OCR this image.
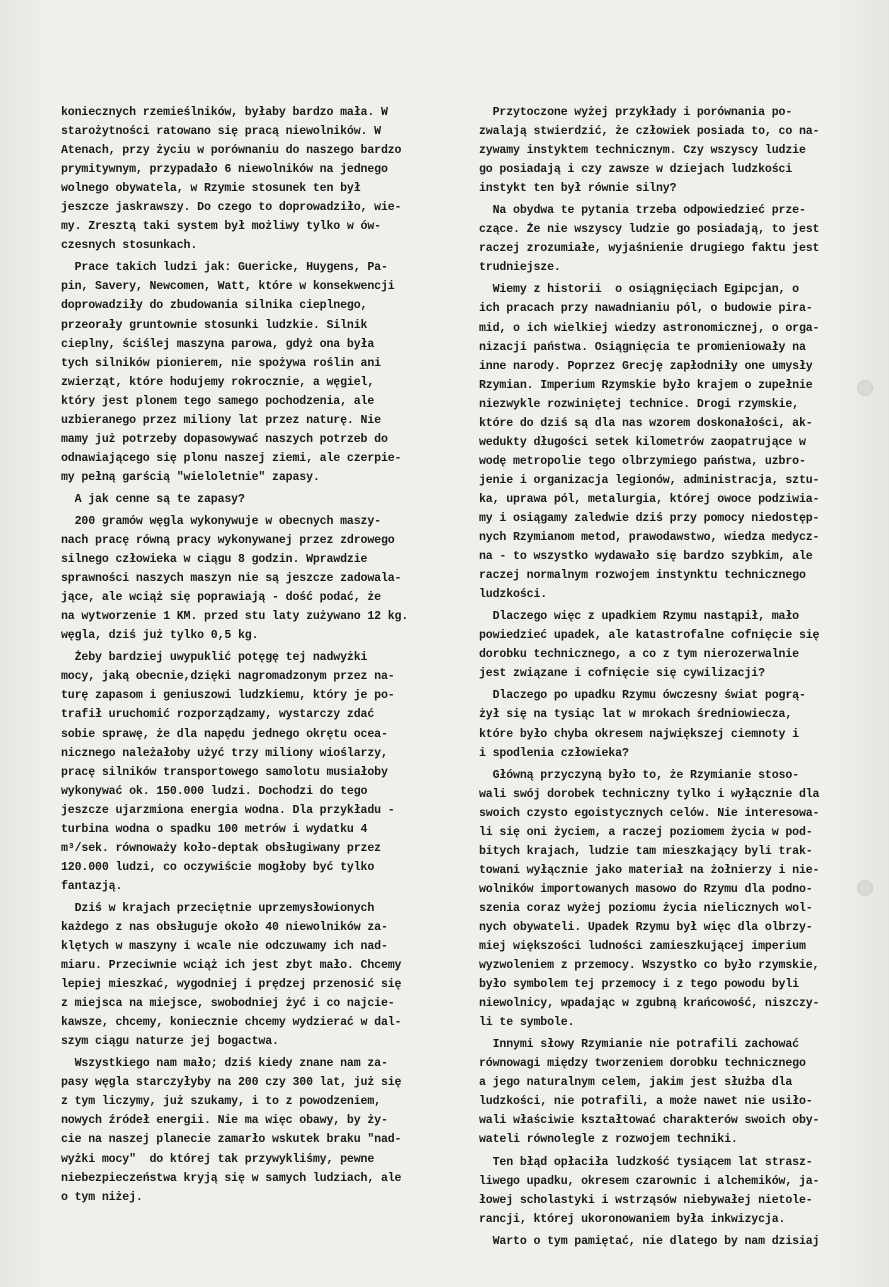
koniecznych rzemieślników, byłaby bardzo mała. W
starożytności ratowano się pracą niewolników. W
Atenach, przy życiu w porównaniu do naszego bardzo
prymitywnym, przypadało 6 niewolników na jednego
wolnego obywatela, w Rzymie stosunek ten był
jeszcze jaskrawszy. Do czego to doprowadziło, wie-
my. Zresztą taki system był możliwy tylko w ów-
czesnych stosunkach.

Prace takich ludzi jak: Guericke, Huygens, Pa-
pin, Savery, Newcomen, Watt, które w konsekwencji
doprowadziły do zbudowania silnika cieplnego,
przeorały gruntownie stosunki ludzkie. Silnik
cieplny, ściślej maszyna parowa, gdyż ona była
tych silników pionierem, nie spożywa roślin ani
zwierząt, które hodujemy rokrocznie, a węgiel,
który jest plonem tego samego pochodzenia, ale
uzbieranego przez miliony lat przez naturę. Nie
mamy już potrzeby dopasowywać naszych potrzeb do
odnawiającego się plonu naszej ziemi, ale czerpie-
my pełną garścią "wieloletnie" zapasy.

A jak cenne są te zapasy?

200 gramów węgla wykonywuje w obecnych maszy-
nach pracę równą pracy wykonywanej przez zdrowego
silnego człowieka w ciągu 8 godzin. Wprawdzie
sprawności naszych maszyn nie są jeszcze zadowala-
jące, ale wciąż się poprawiają - dość podać, że
na wytworzenie 1 KM. przed stu laty zużywano 12 kg.
węgla, dziś już tylko 0,5 kg.

Żeby bardziej uwypuklić potęgę tej nadwyżki
mocy, jaką obecnie,dzięki nagromadzonym przez na-
turę zapasom i geniuszowi ludzkiemu, który je po-
trafił uruchomić rozporządzamy, wystarczy zdać
sobie sprawę, że dla napędu jednego okrętu ocea-
nicznego należałoby użyć trzy miliony wioślarzy,
pracę silników transportowego samolotu musiałoby
wykonywać ok. 150.000 ludzi. Dochodzi do tego
jeszcze ujarzmiona energia wodna. Dla przykładu -
turbina wodna o spadku 100 metrów i wydatku 4
m³/sek. równoważy koło-deptak obsługiwany przez
120.000 ludzi, co oczywiście mogłoby być tylko
fantazją.

Dziś w krajach przeciętnie uprzemysłowionych
każdego z nas obsługuje około 40 niewolników za-
klętych w maszyny i wcale nie odczuwamy ich nad-
miaru. Przeciwnie wciąż ich jest zbyt mało. Chcemy
lepiej mieszkać, wygodniej i prędzej przenosić się
z miejsca na miejsce, swobodniej żyć i co najcie-
kawsze, chcemy, koniecznie chcemy wydzierać w dal-
szym ciągu naturze jej bogactwa.

Wszystkiego nam mało; dziś kiedy znane nam za-
pasy węgla starczyłyby na 200 czy 300 lat, już się
z tym liczymy, już szukamy, i to z powodzeniem,
nowych źródeł energii. Nie ma więc obawy, by ży-
cie na naszej planecie zamarło wskutek braku "nad-
wyżki mocy"  do której tak przywykliśmy, pewne
niebezpieczeństwa kryją się w samych ludziach, ale
o tym niżej.

Przytoczone wyżej przykłady i porównania po-
zwalają stwierdzić, że człowiek posiada to, co na-
zywamy instyktem technicznym. Czy wszyscy ludzie
go posiadają i czy zawsze w dziejach ludzkości
instykt ten był równie silny?

Na obydwa te pytania trzeba odpowiedzieć prze-
czące. Że nie wszyscy ludzie go posiadają, to jest
raczej zrozumiałe, wyjaśnienie drugiego faktu jest
trudniejsze.

Wiemy z historii  o osiągnięciach Egipcjan, o
ich pracach przy nawadnianiu pól, o budowie pira-
mid, o ich wielkiej wiedzy astronomicznej, o orga-
nizacji państwa. Osiągnięcia te promieniowały na
inne narody. Poprzez Grecję zapłodniły one umysły
Rzymian. Imperium Rzymskie było krajem o zupełnie
niezwykle rozwiniętej technice. Drogi rzymskie,
które do dziś są dla nas wzorem doskonałości, ak-
wedukty długości setek kilometrów zaopatrujące w
wodę metropolie tego olbrzymiego państwa, uzbro-
jenie i organizacja legionów, administracja, sztu-
ka, uprawa pól, metalurgia, której owoce podziwia-
my i osiągamy zaledwie dziś przy pomocy niedostęp-
nych Rzymianom metod, prawodawstwo, wiedza medycz-
na - to wszystko wydawało się bardzo szybkim, ale
raczej normalnym rozwojem instynktu technicznego
ludzkości.

Dlaczego więc z upadkiem Rzymu nastąpił, mało
powiedzieć upadek, ale katastrofalne cofnięcie się
dorobku technicznego, a co z tym nierozerwalnie
jest związane i cofnięcie się cywilizacji?

Dlaczego po upadku Rzymu ówczesny świat pogrą-
żył się na tysiąc lat w mrokach średniowiecza,
które było chyba okresem największej ciemnoty i
i spodlenia człowieka?

Główną przyczyną było to, że Rzymianie stoso-
wali swój dorobek techniczny tylko i wyłącznie dla
swoich czysto egoistycznych celów. Nie interesowa-
li się oni życiem, a raczej poziomem życia w pod-
bitych krajach, ludzie tam mieszkający byli trak-
towani wyłącznie jako materiał na żołnierzy i nie-
wolników importowanych masowo do Rzymu dla podno-
szenia coraz wyżej poziomu życia nielicznych wol-
nych obywateli. Upadek Rzymu był więc dla olbrzy-
miej większości ludności zamieszkującej imperium
wyzwoleniem z przemocy. Wszystko co było rzymskie,
było symbolem tej przemocy i z tego powodu byli
niewolnicy, wpadając w zgubną krańcowość, niszczy-
li te symbole.

Innymi słowy Rzymianie nie potrafili zachować
równowagi między tworzeniem dorobku technicznego
a jego naturalnym celem, jakim jest służba dla
ludzkości, nie potrafili, a może nawet nie usiło-
wali właściwie kształtować charakterów swoich oby-
wateli równolegle z rozwojem techniki.

Ten błąd opłaciła ludzkość tysiącem lat strasz-
liwego upadku, okresem czarownic i alchemików, ja-
łowej scholastyki i wstrząsów niebywałej nietole-
rancji, której ukoronowaniem była inkwizycja.

Warto o tym pamiętać, nie dlatego by nam dzisiaj
